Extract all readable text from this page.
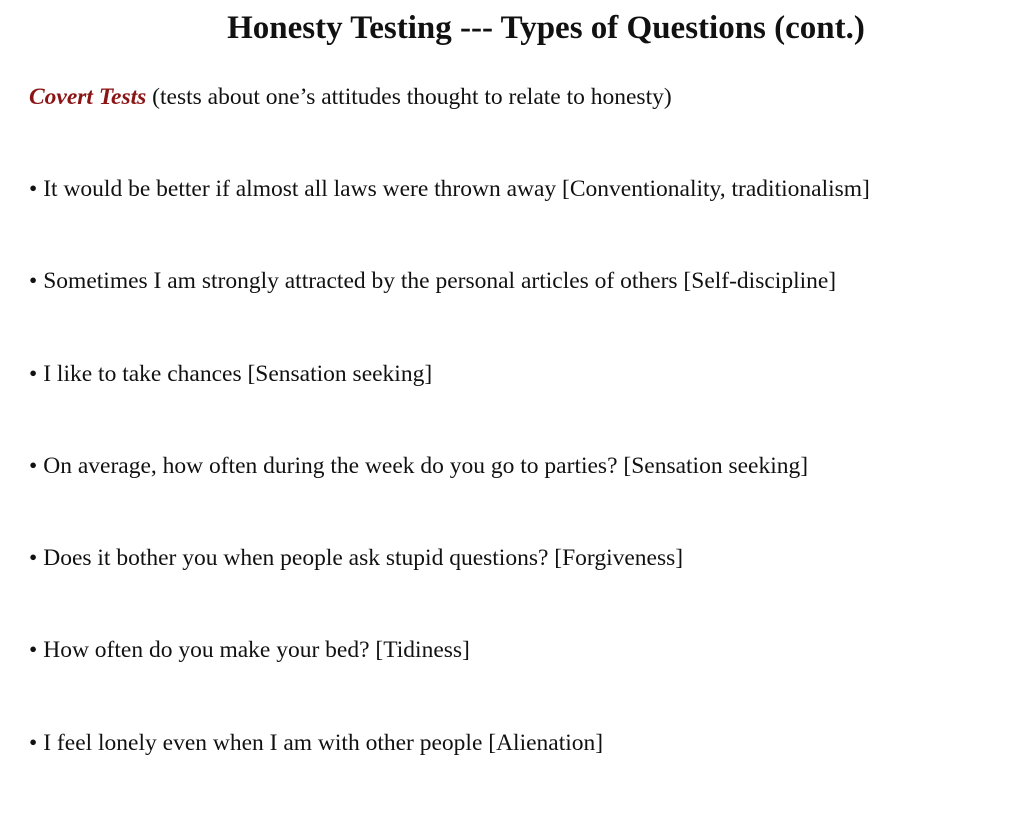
Honesty Testing --- Types of Questions (cont.)
Covert Tests (tests about one’s attitudes thought to relate to honesty)
• It would be better if almost all laws were thrown away [Conventionality, traditionalism]
• Sometimes I am strongly attracted by the personal articles of others [Self-discipline]
• I like to take chances [Sensation seeking]
• On average, how often during the week do you go to parties? [Sensation seeking]
• Does it bother you when people ask stupid questions? [Forgiveness]
• How often do you make your bed? [Tidiness]
• I feel lonely even when I am with other people [Alienation]
